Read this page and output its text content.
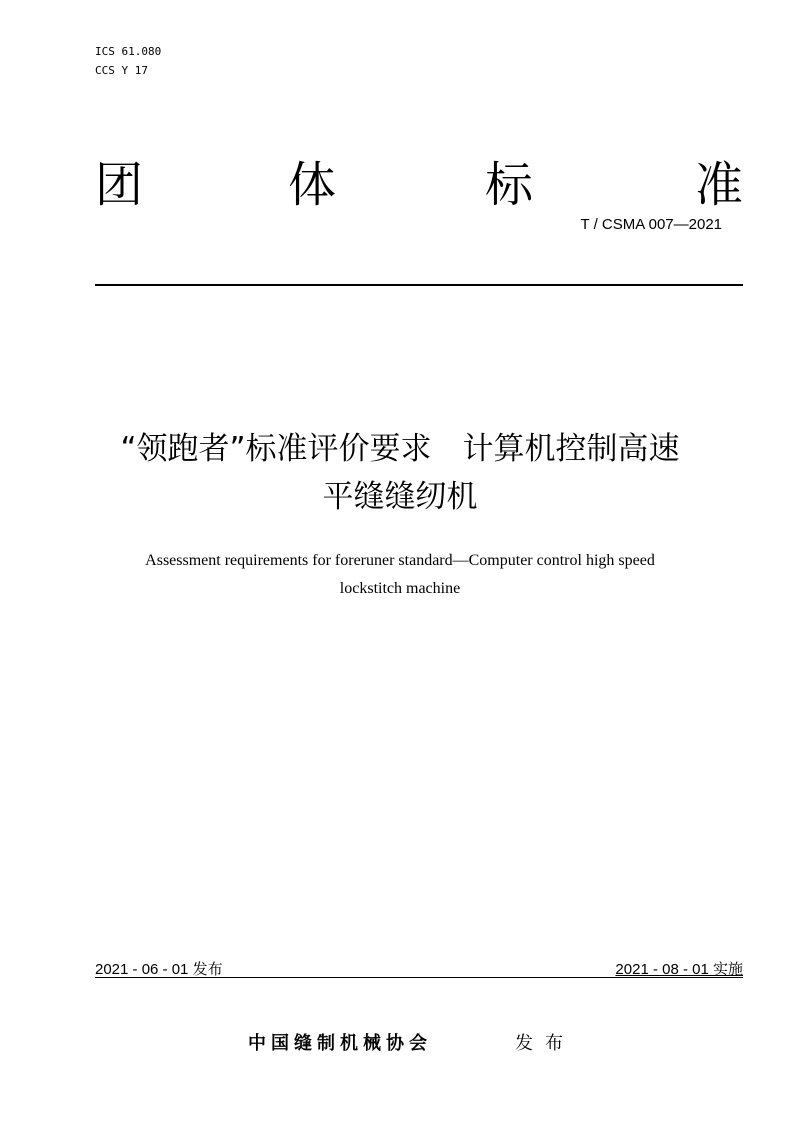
ICS 61.080
CCS Y 17
团	体	标	准
T / CSMA 007—2021
“领跑者”标准评价要求　计算机控制高速
平缝缝纫机
Assessment requirements for foreruner standard—Computer control high speed
lockstitch machine
2021 - 06 - 01 发布	2021 - 08 - 01 实施
中国缝制机械协会	发布
